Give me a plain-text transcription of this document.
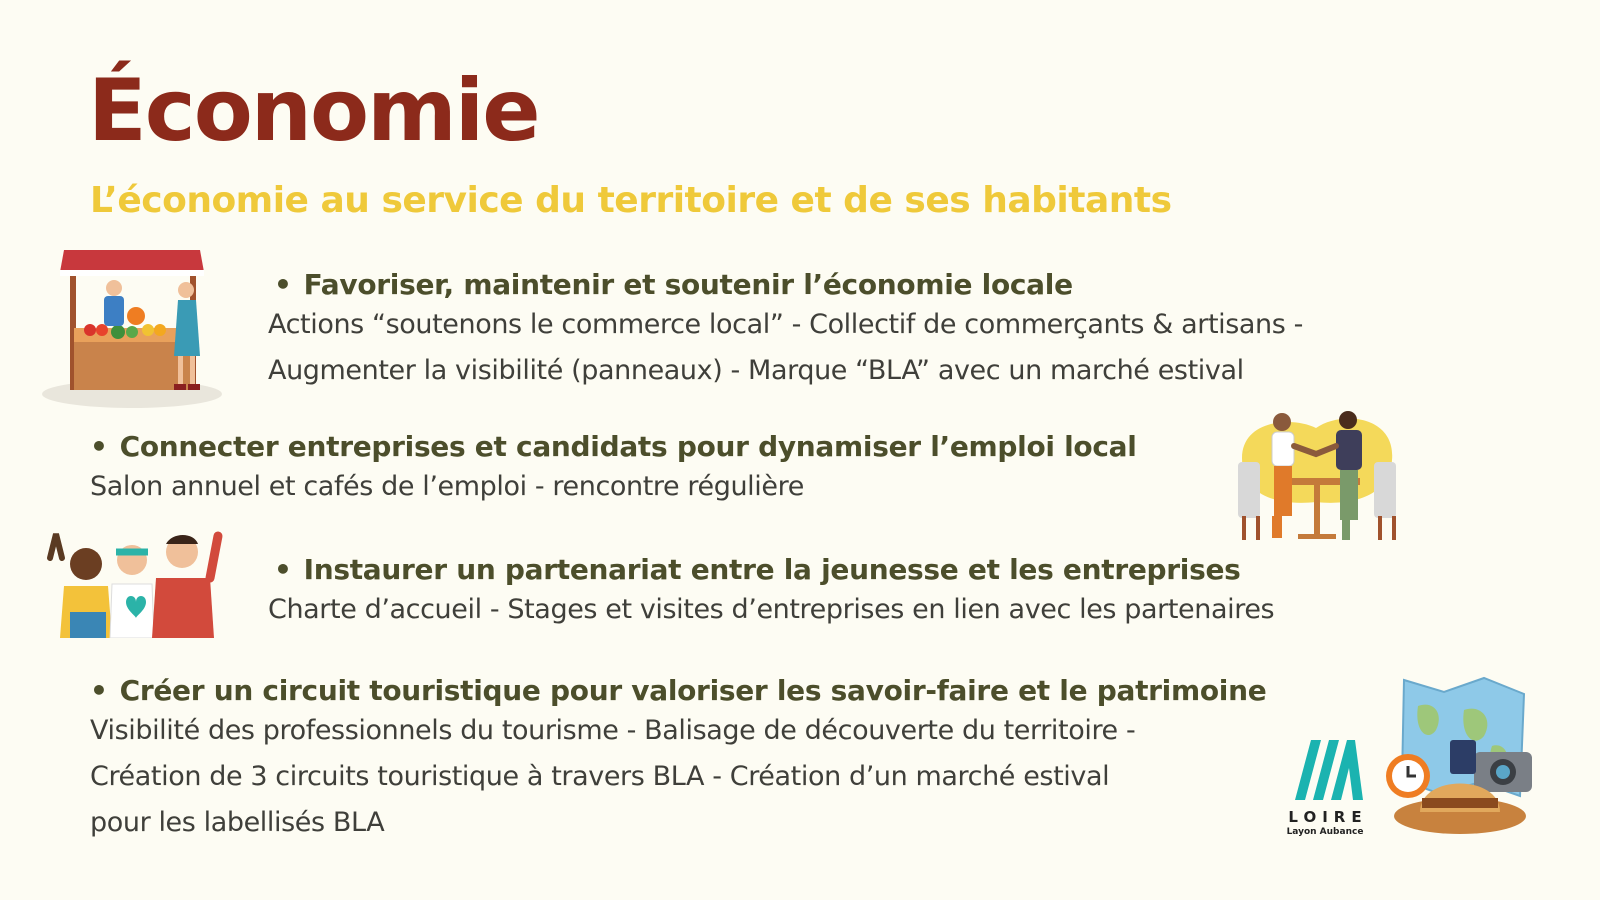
Économie
L’économie au service du territoire et de ses habitants
• Favoriser, maintenir et soutenir l’économie locale
Actions “soutenons le commerce local” - Collectif de commerçants & artisans -
Augmenter la visibilité (panneaux) - Marque “BLA” avec un marché estival
• Connecter entreprises et candidats pour dynamiser l’emploi local
Salon annuel et cafés de l’emploi - rencontre régulière
• Instaurer un partenariat entre la jeunesse et les entreprises
Charte d’accueil - Stages et visites d’entreprises en lien avec les partenaires
• Créer un circuit touristique pour valoriser les savoir-faire et le patrimoine
Visibilité des professionnels du tourisme - Balisage de découverte du territoire -
Création de 3 circuits touristique à travers BLA - Création d’un marché estival
pour les labellisés BLA	LOIRE
Layon Aubance
